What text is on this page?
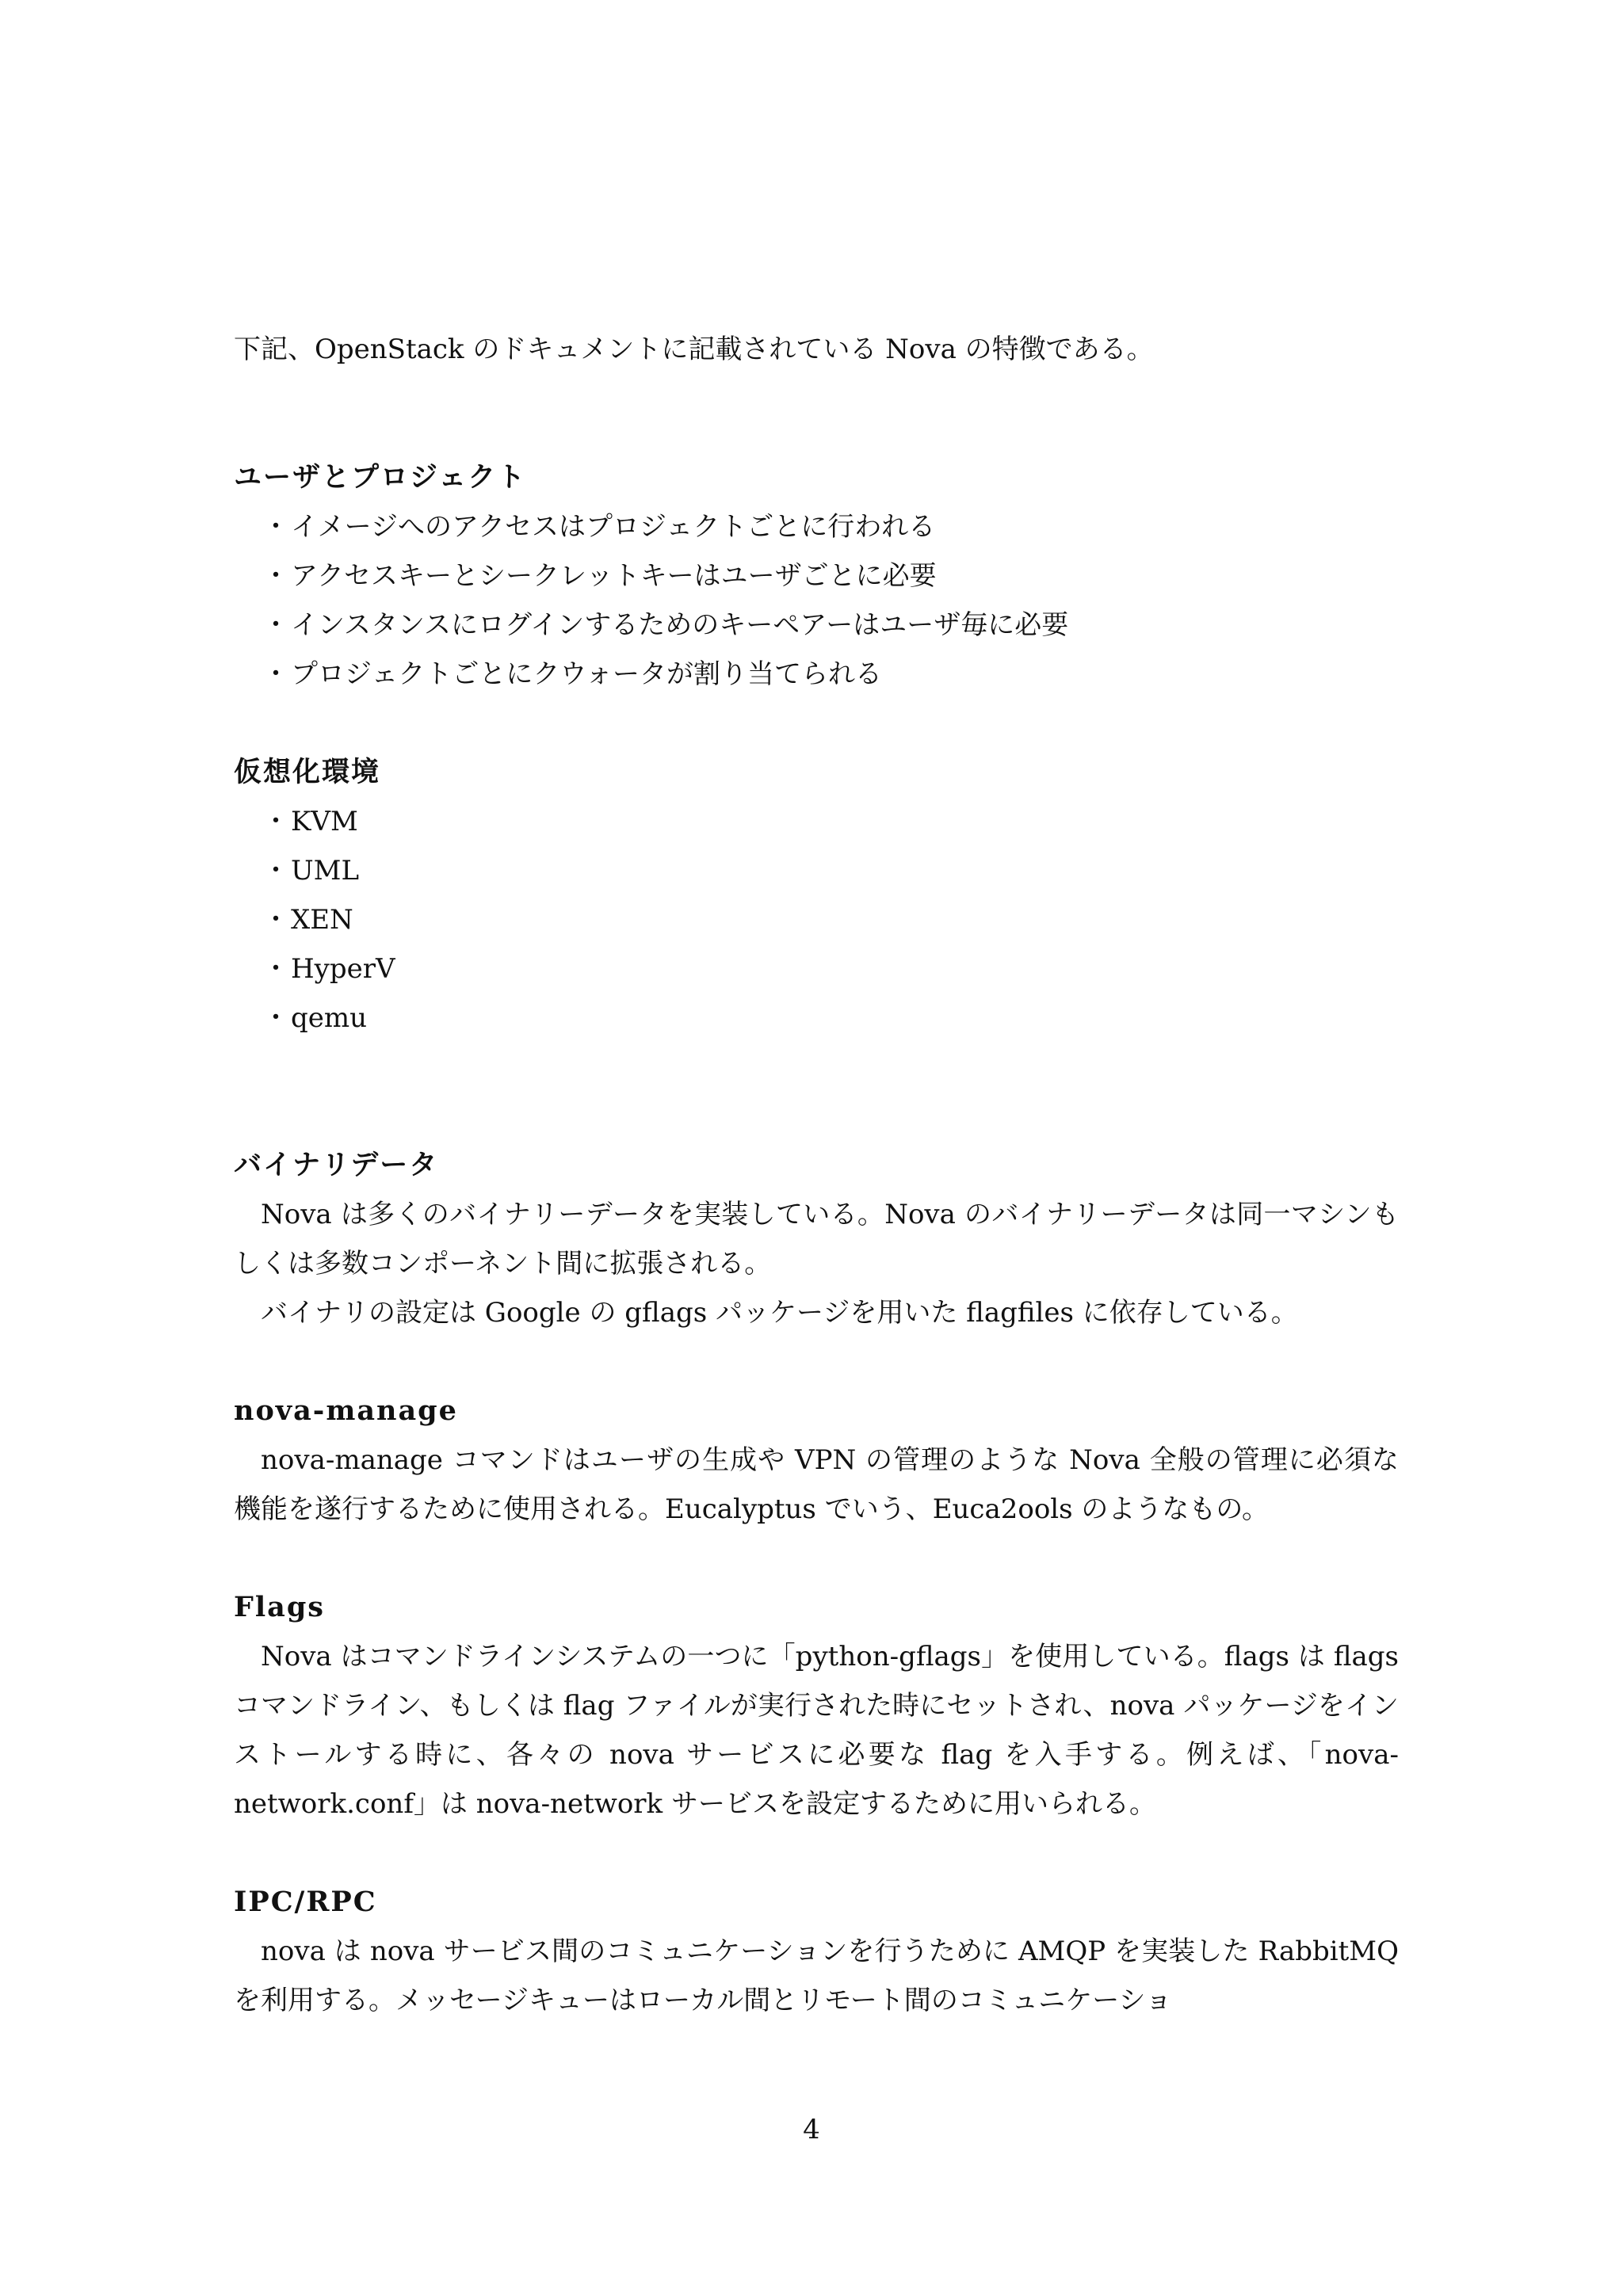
下記、OpenStack のドキュメントに記載されている Nova の特徴である。

ユーザとプロジェクト

・イメージへのアクセスはプロジェクトごとに行われる
・アクセスキーとシークレットキーはユーザごとに必要
・インスタンスにログインするためのキーペアーはユーザ毎に必要
・プロジェクトごとにクウォータが割り当てられる

仮想化環境

・KVM
・UML
・XEN
・HyperV
・qemu

バイナリデータ

Nova は多くのバイナリーデータを実装している。Nova のバイナリーデータは同一マシンもしくは多数コンポーネント間に拡張される。

バイナリの設定は Google の gflags パッケージを用いた flagfiles に依存している。

nova-manage

nova-manage コマンドはユーザの生成や VPN の管理のような Nova 全般の管理に必須な機能を遂行するために使用される。Eucalyptus でいう、Euca2ools のようなもの。

Flags

Nova はコマンドラインシステムの一つに「python-gflags」を使用している。flags は flags コマンドライン、もしくは flag ファイルが実行された時にセットされ、nova パッケージをインストールする時に、各々の nova サービスに必要な flag を入手する。例えば、「nova-network.conf」は nova-network サービスを設定するために用いられる。

IPC/RPC

nova は nova サービス間のコミュニケーションを行うために AMQP を実装した RabbitMQ を利用する。メッセージキューはローカル間とリモート間のコミュニケーショ

4
